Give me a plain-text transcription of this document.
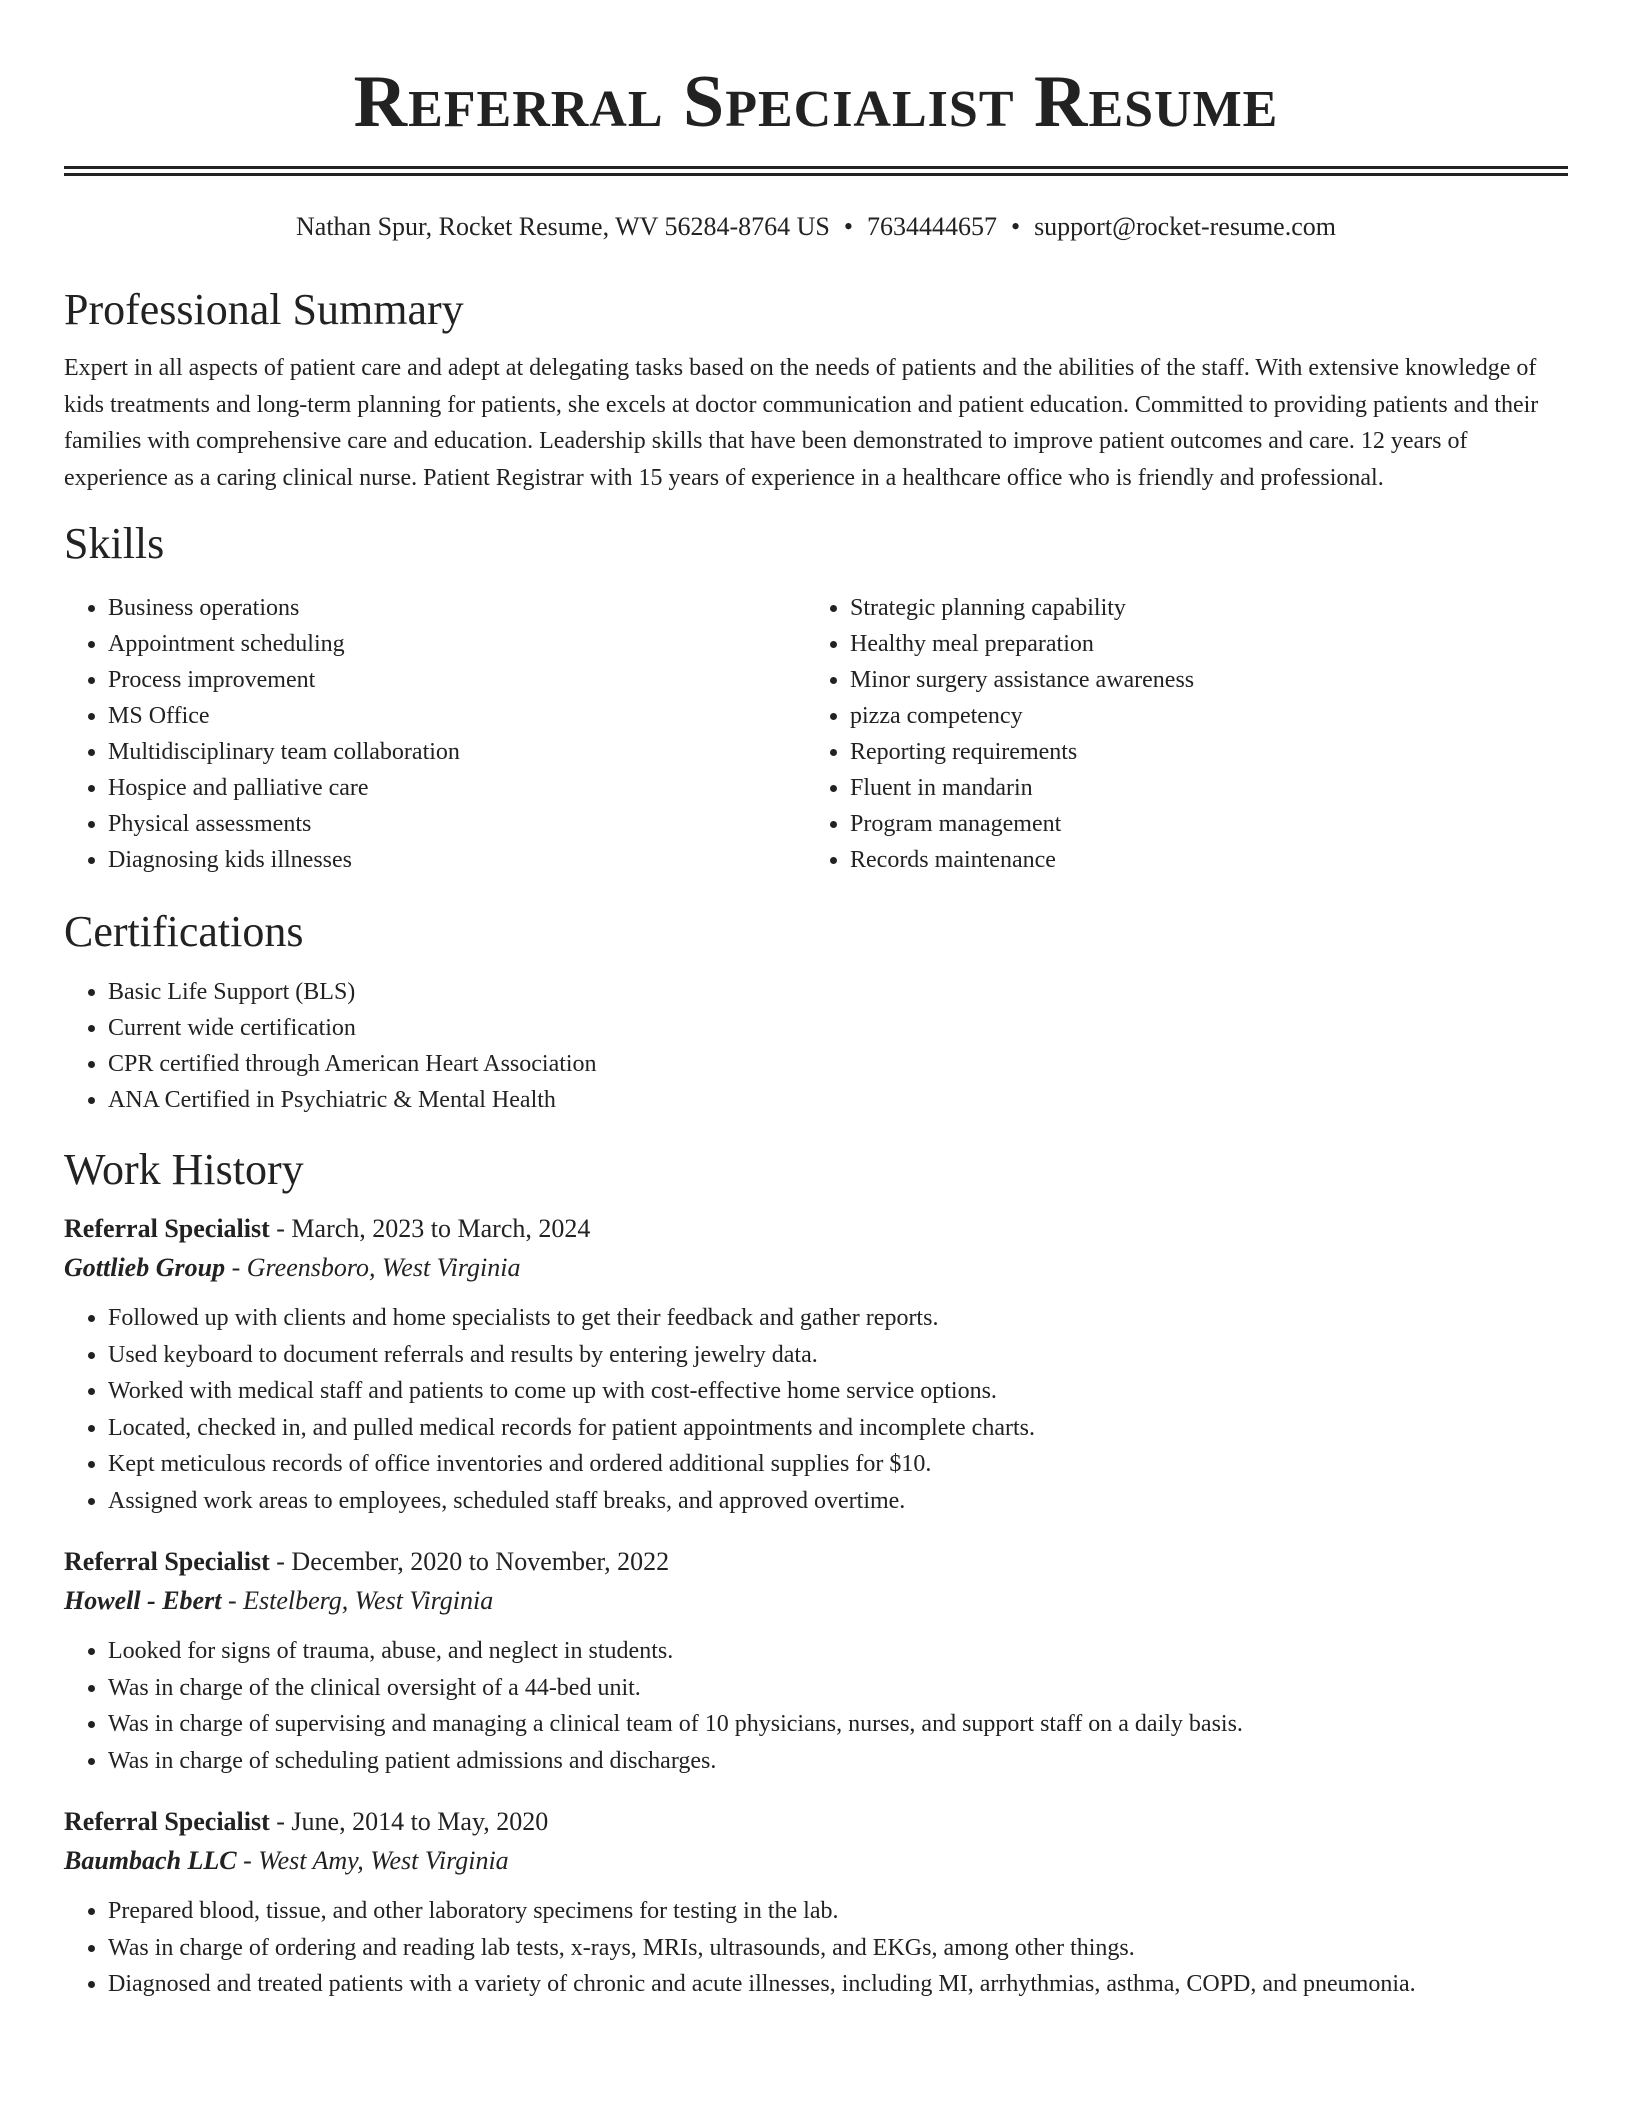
Referral Specialist Resume
Nathan Spur, Rocket Resume, WV 56284-8764 US • 7634444657 • support@rocket-resume.com
Professional Summary

Expert in all aspects of patient care and adept at delegating tasks based on the needs of patients and the abilities of the staff. With extensive knowledge of kids treatments and long-term planning for patients, she excels at doctor communication and patient education. Committed to providing patients and their families with comprehensive care and education. Leadership skills that have been demonstrated to improve patient outcomes and care. 12 years of experience as a caring clinical nurse. Patient Registrar with 15 years of experience in a healthcare office who is friendly and professional.

Skills
• Business operations
• Appointment scheduling
• Process improvement
• MS Office
• Multidisciplinary team collaboration
• Hospice and palliative care
• Physical assessments
• Diagnosing kids illnesses
• Strategic planning capability
• Healthy meal preparation
• Minor surgery assistance awareness
• pizza competency
• Reporting requirements
• Fluent in mandarin
• Program management
• Records maintenance
Certifications
• Basic Life Support (BLS)
• Current wide certification
• CPR certified through American Heart Association
• ANA Certified in Psychiatric & Mental Health
Work History
Referral Specialist - March, 2023 to March, 2024
Gottlieb Group - Greensboro, West Virginia
• Followed up with clients and home specialists to get their feedback and gather reports.
• Used keyboard to document referrals and results by entering jewelry data.
• Worked with medical staff and patients to come up with cost-effective home service options.
• Located, checked in, and pulled medical records for patient appointments and incomplete charts.
• Kept meticulous records of office inventories and ordered additional supplies for $10.
• Assigned work areas to employees, scheduled staff breaks, and approved overtime.
Referral Specialist - December, 2020 to November, 2022
Howell - Ebert - Estelberg, West Virginia
• Looked for signs of trauma, abuse, and neglect in students.
• Was in charge of the clinical oversight of a 44-bed unit.
• Was in charge of supervising and managing a clinical team of 10 physicians, nurses, and support staff on a daily basis.
• Was in charge of scheduling patient admissions and discharges.
Referral Specialist - June, 2014 to May, 2020
Baumbach LLC - West Amy, West Virginia
• Prepared blood, tissue, and other laboratory specimens for testing in the lab.
• Was in charge of ordering and reading lab tests, x-rays, MRIs, ultrasounds, and EKGs, among other things.
• Diagnosed and treated patients with a variety of chronic and acute illnesses, including MI, arrhythmias, asthma, COPD, and pneumonia.
